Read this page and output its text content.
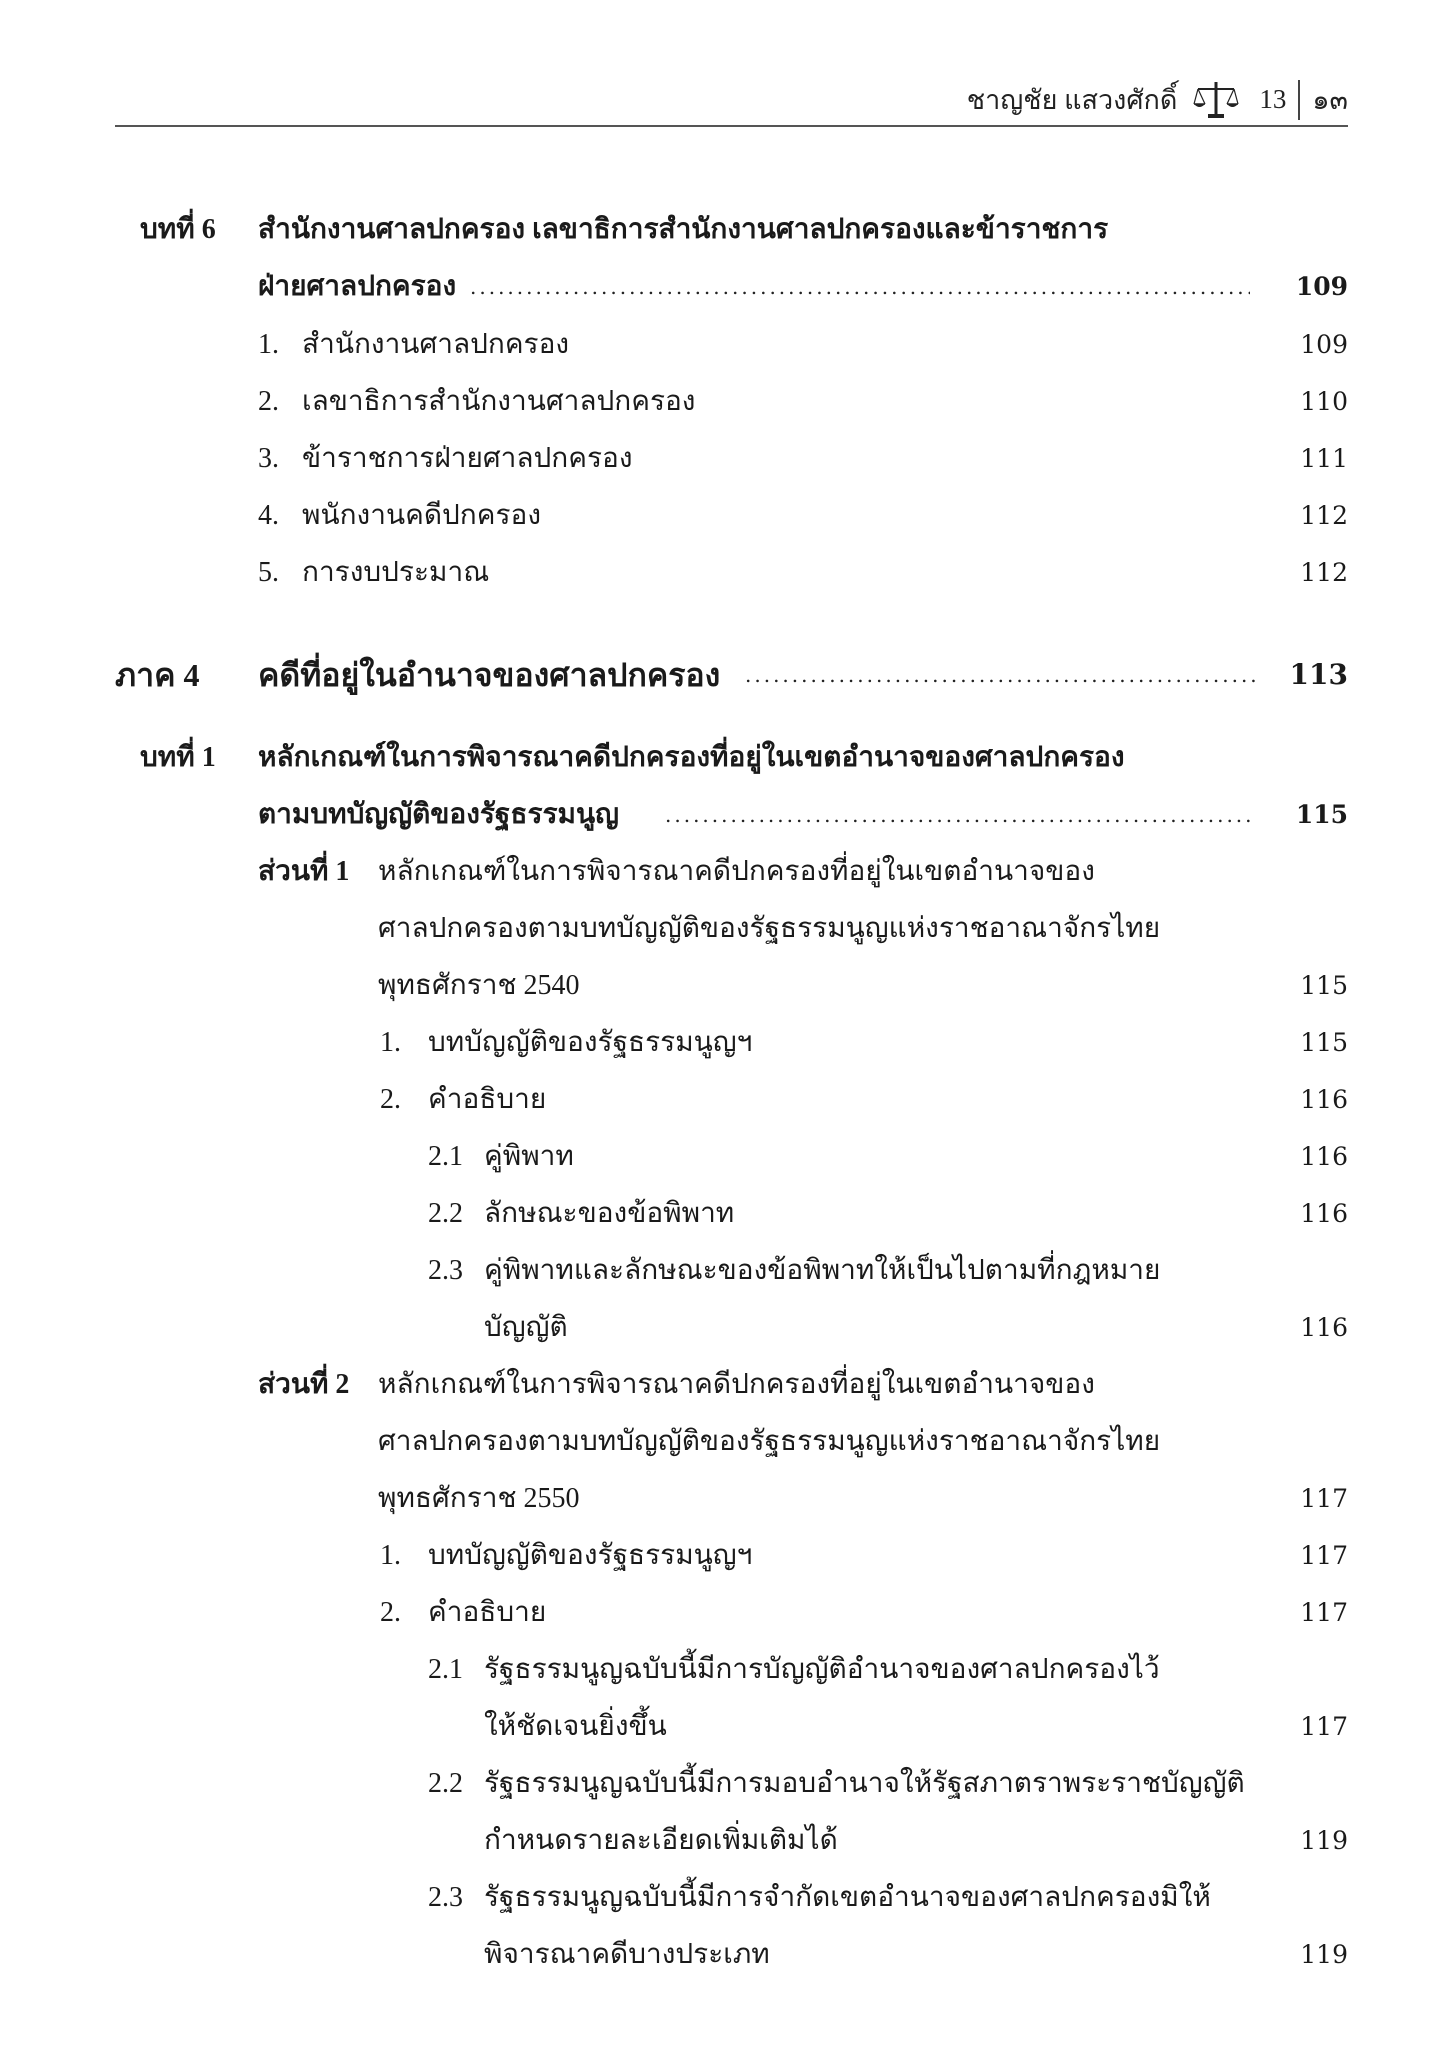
ชาญชัย แสวงศักดิ์	13 ๑๓
บทที่ 6 สำนักงานศาลปกครอง เลขาธิการสำนักงานศาลปกครองและข้าราชการ
ฝ่ายศาลปกครอง .....	109
1. สำนักงานศาลปกครอง	109
2. เลขาธิการสำนักงานศาลปกครอง	110
3. ข้าราชการฝ่ายศาลปกครอง	111
4. พนักงานคดีปกครอง	112
5. การงบประมาณ	112
ภาค 4 คดีที่อยู่ในอำนาจของศาลปกครอง .....	113
บทที่ 1 หลักเกณฑ์ในการพิจารณาคดีปกครองที่อยู่ในเขตอำนาจของศาลปกครอง
ตามบทบัญญัติของรัฐธรรมนูญ .....	115
ส่วนที่ 1 หลักเกณฑ์ในการพิจารณาคดีปกครองที่อยู่ในเขตอำนาจของ
ศาลปกครองตามบทบัญญัติของรัฐธรรมนูญแห่งราชอาณาจักรไทย
พุทธศักราช 2540	115
1. บทบัญญัติของรัฐธรรมนูญฯ	115
2. คำอธิบาย	116
2.1 คู่พิพาท	116
2.2 ลักษณะของข้อพิพาท	116
2.3 คู่พิพาทและลักษณะของข้อพิพาทให้เป็นไปตามที่กฎหมาย
บัญญัติ	116
ส่วนที่ 2 หลักเกณฑ์ในการพิจารณาคดีปกครองที่อยู่ในเขตอำนาจของ
ศาลปกครองตามบทบัญญัติของรัฐธรรมนูญแห่งราชอาณาจักรไทย
พุทธศักราช 2550	117
1. บทบัญญัติของรัฐธรรมนูญฯ	117
2. คำอธิบาย	117
2.1 รัฐธรรมนูญฉบับนี้มีการบัญญัติอำนาจของศาลปกครองไว้
ให้ชัดเจนยิ่งขึ้น	117
2.2 รัฐธรรมนูญฉบับนี้มีการมอบอำนาจให้รัฐสภาตราพระราชบัญญัติ
กำหนดรายละเอียดเพิ่มเติมได้	119
2.3 รัฐธรรมนูญฉบับนี้มีการจำกัดเขตอำนาจของศาลปกครองมิให้
พิจารณาคดีบางประเภท	119
